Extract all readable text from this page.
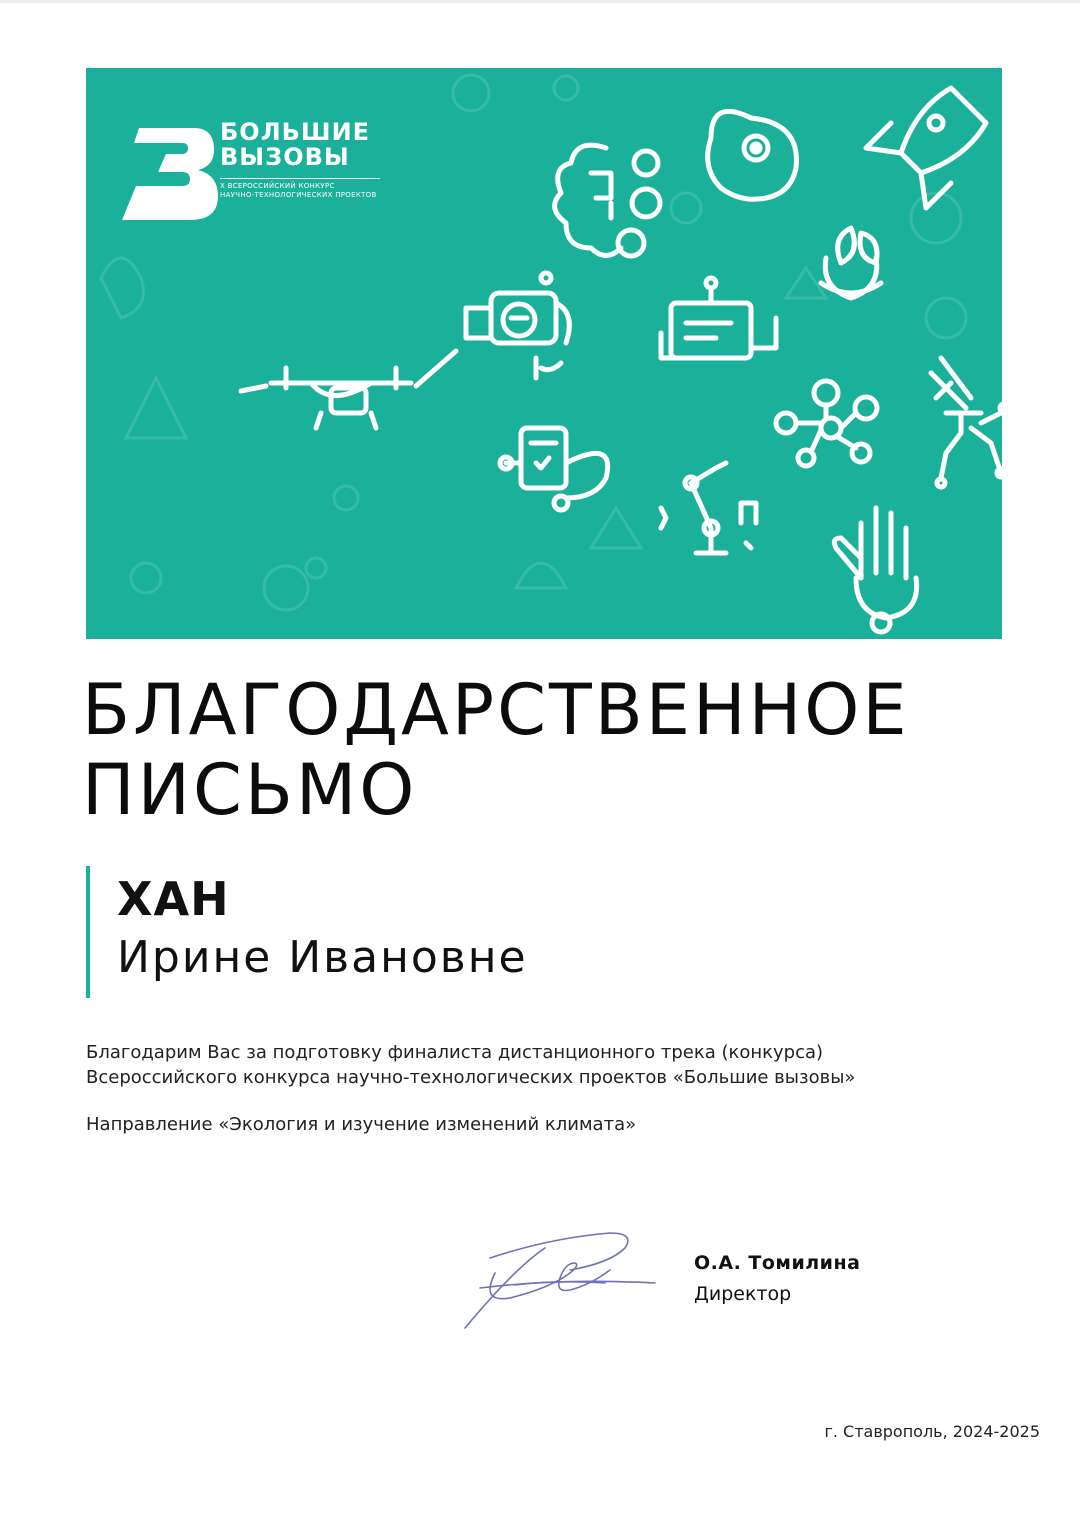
БОЛЬШИЕ
ВЫЗОВЫ
X ВСЕРОССИЙСКИЙ КОНКУРС
НАУЧНО-ТЕХНОЛОГИЧЕСКИХ ПРОЕКТОВ
БЛАГОДАРСТВЕННОЕ
ПИСЬМО
ХАН
Ирине Ивановне

Благодарим Вас за подготовку финалиста дистанционного трека (конкурса)

Всероссийского конкурса научно-технологических проектов «Большие вызовы»

Направление «Экология и изучение изменений климата»
О.А. Томилина
Директор
г. Ставрополь, 2024-2025
